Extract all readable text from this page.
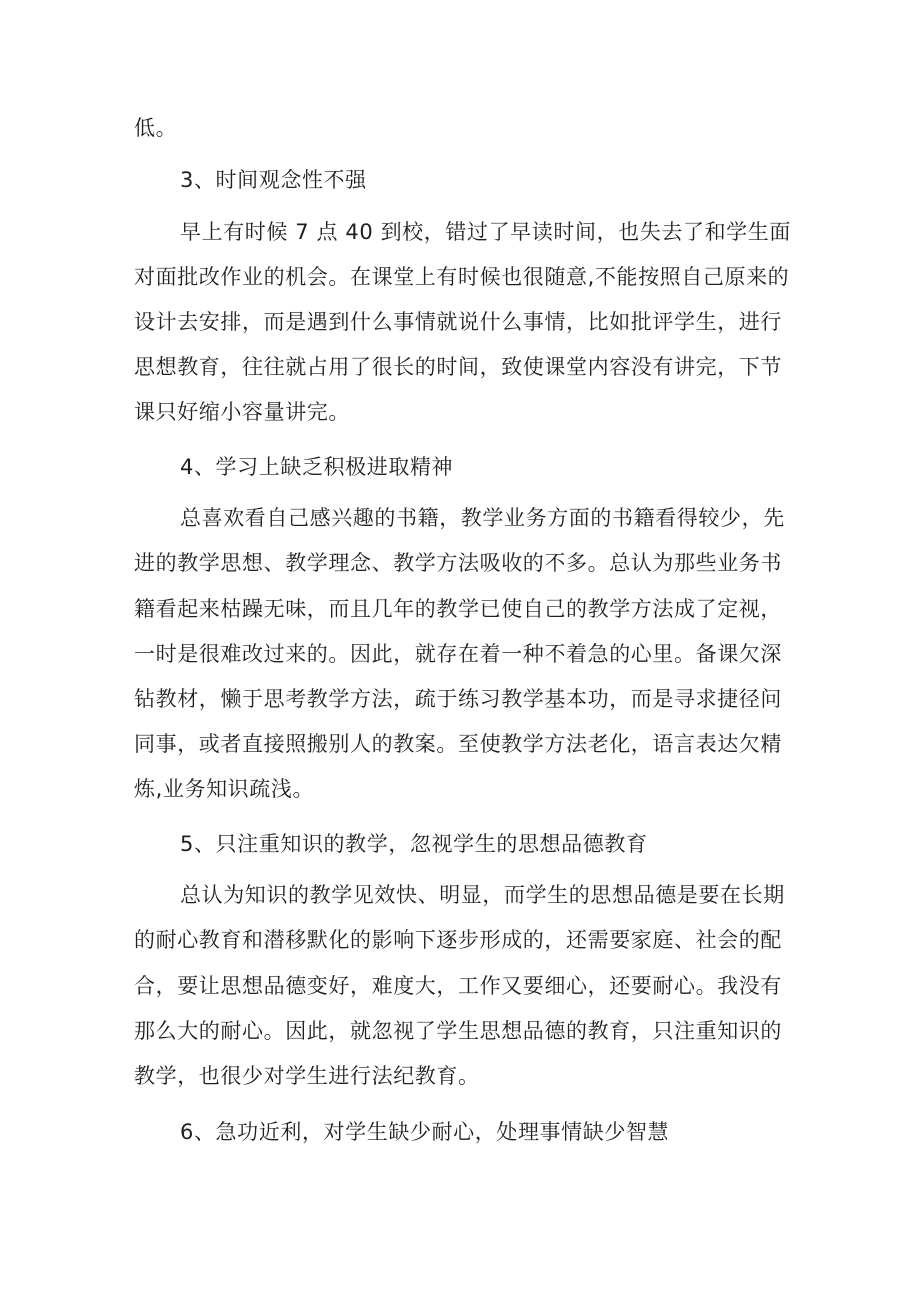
低。
3、时间观念性不强
早上有时候 7 点 40 到校，错过了早读时间，也失去了和学生面
对面批改作业的机会。在课堂上有时候也很随意,不能按照自己原来的
设计去安排，而是遇到什么事情就说什么事情，比如批评学生，进行
思想教育，往往就占用了很长的时间，致使课堂内容没有讲完，下节
课只好缩小容量讲完。
4、学习上缺乏积极进取精神
总喜欢看自己感兴趣的书籍，教学业务方面的书籍看得较少，先
进的教学思想、教学理念、教学方法吸收的不多。总认为那些业务书
籍看起来枯躁无味，而且几年的教学已使自己的教学方法成了定视，
一时是很难改过来的。因此，就存在着一种不着急的心里。备课欠深
钻教材，懒于思考教学方法，疏于练习教学基本功，而是寻求捷径问
同事，或者直接照搬别人的教案。至使教学方法老化，语言表达欠精
炼,业务知识疏浅。
5、只注重知识的教学，忽视学生的思想品德教育
总认为知识的教学见效快、明显，而学生的思想品德是要在长期
的耐心教育和潜移默化的影响下逐步形成的，还需要家庭、社会的配
合，要让思想品德变好，难度大，工作又要细心，还要耐心。我没有
那么大的耐心。因此，就忽视了学生思想品德的教育，只注重知识的
教学，也很少对学生进行法纪教育。
6、急功近利，对学生缺少耐心，处理事情缺少智慧
